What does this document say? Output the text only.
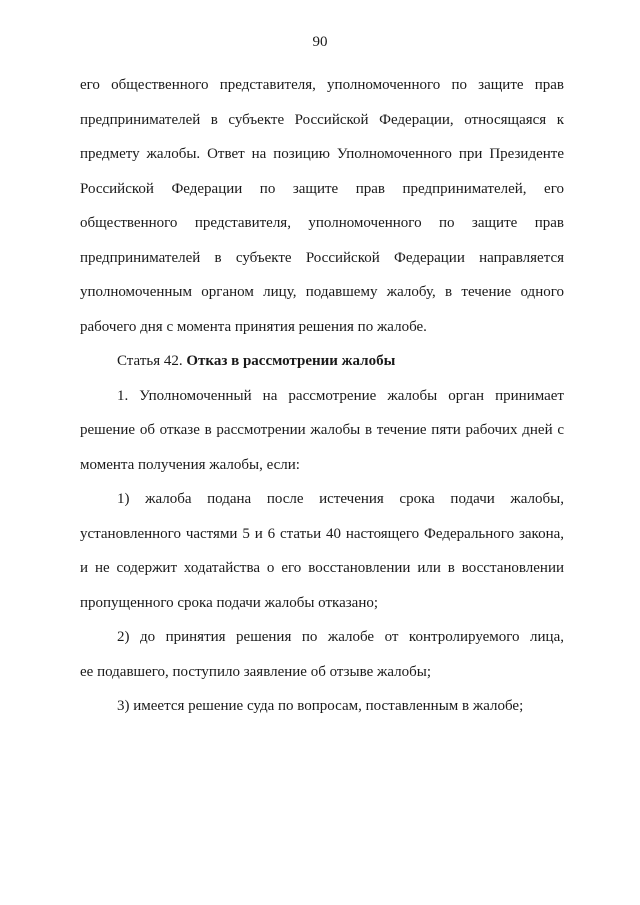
90
его общественного представителя, уполномоченного по защите прав
предпринимателей в субъекте Российской Федерации, относящаяся к
предмету жалобы. Ответ на позицию Уполномоченного при Президенте
Российской Федерации по защите прав предпринимателей, его
общественного представителя, уполномоченного по защите прав
предпринимателей в субъекте Российской Федерации направляется
уполномоченным органом лицу, подавшему жалобу, в течение одного
рабочего дня с момента принятия решения по жалобе.
Статья 42. Отказ в рассмотрении жалобы
1. Уполномоченный на рассмотрение жалобы орган принимает
решение об отказе в рассмотрении жалобы в течение пяти рабочих дней с
момента получения жалобы, если:
1) жалоба подана после истечения срока подачи жалобы,
установленного частями 5 и 6 статьи 40 настоящего Федерального закона,
и не содержит ходатайства о его восстановлении или в восстановлении
пропущенного срока подачи жалобы отказано;
2) до принятия решения по жалобе от контролируемого лица,
ее подавшего, поступило заявление об отзыве жалобы;
3) имеется решение суда по вопросам, поставленным в жалобе;
